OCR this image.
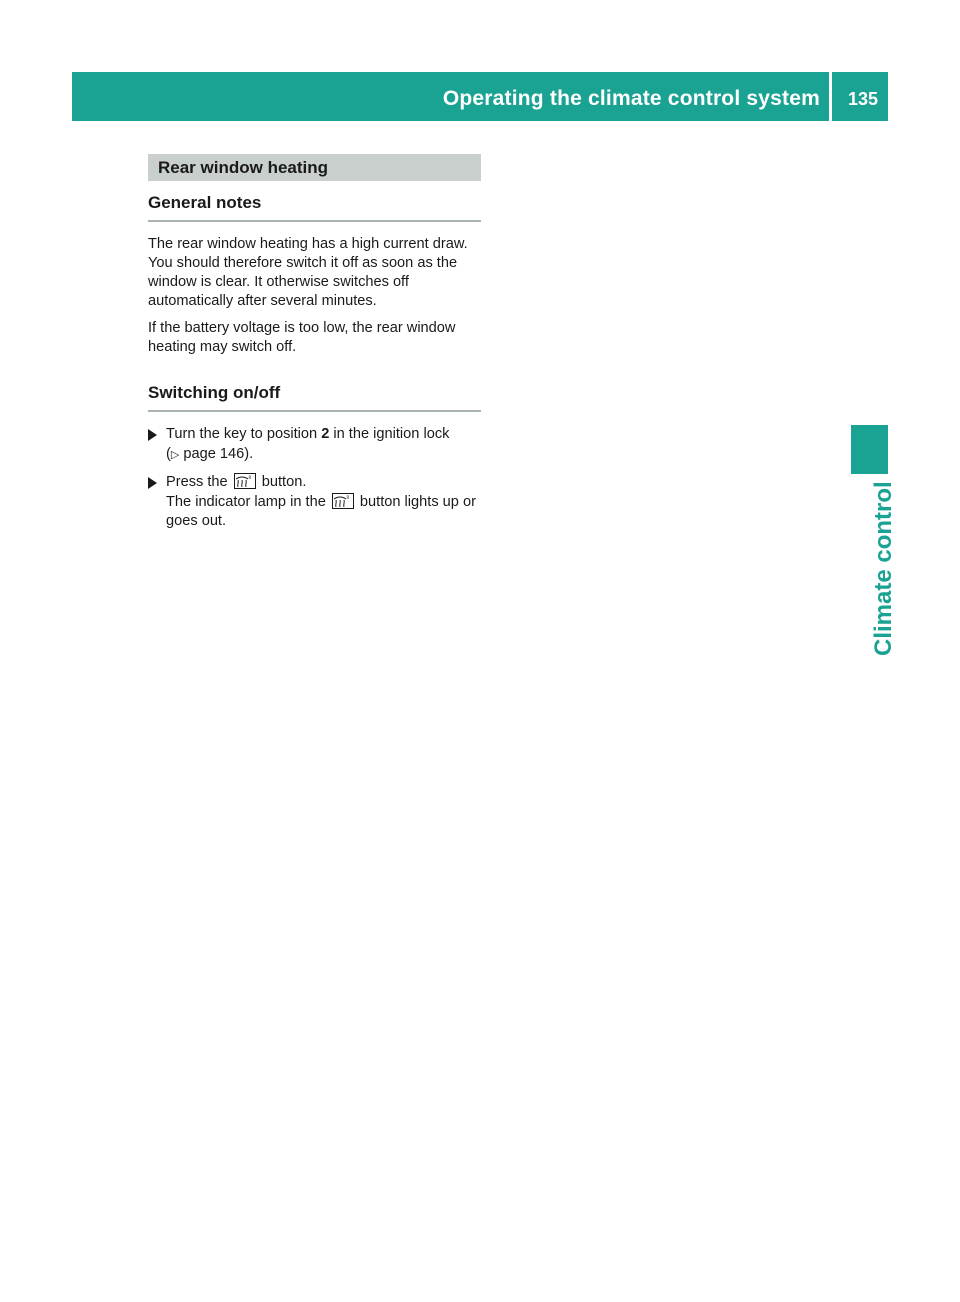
Operating the climate control system 135
Climate control
Rear window heating
General notes

The rear window heating has a high current draw. You should therefore switch it off as soon as the window is clear. It otherwise switches off automatically after several minutes.

If the battery voltage is too low, the rear window heating may switch off.

Switching on/off
Turn the key to position 2 in the ignition lock
(▷ page 146).
Press the	R button.
The indicator lamp in the	R button lights up or goes out.
